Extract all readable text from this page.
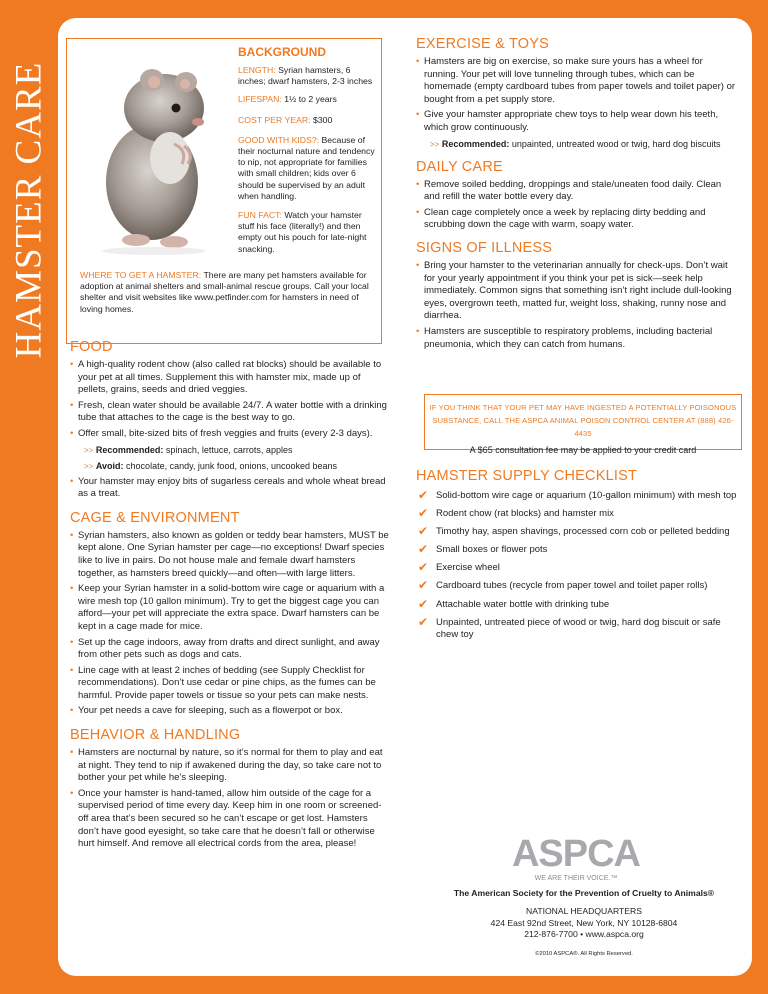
HAMSTER CARE
BACKGROUND
LENGTH: Syrian hamsters, 6 inches; dwarf hamsters, 2-3 inches
LIFESPAN: 1½ to 2 years
COST PER YEAR: $300
GOOD WITH KIDS?: Because of their nocturnal nature and tendency to nip, not appropriate for families with small children; kids over 6 should be supervised by an adult when handling.
FUN FACT: Watch your hamster stuff his face (literally!) and then empty out his pouch for late-night snacking.
WHERE TO GET A HAMSTER: There are many pet hamsters available for adoption at animal shelters and small-animal rescue groups. Call your local shelter and visit websites like www.petfinder.com for hamsters in need of loving homes.
FOOD
• A high-quality rodent chow (also called rat blocks) should be available to your pet at all times. Supplement this with hamster mix, made up of pellets, grains, seeds and dried veggies.
• Fresh, clean water should be available 24/7. A water bottle with a drinking tube that attaches to the cage is the best way to go.
• Offer small, bite-sized bits of fresh veggies and fruits (every 2-3 days).
>> Recommended: spinach, lettuce, carrots, apples
>> Avoid: chocolate, candy, junk food, onions, uncooked beans
• Your hamster may enjoy bits of sugarless cereals and whole wheat bread as a treat.
CAGE & ENVIRONMENT
• Syrian hamsters, also known as golden or teddy bear hamsters, MUST be kept alone. One Syrian hamster per cage—no exceptions! Dwarf species like to live in pairs. Do not house male and female dwarf hamsters together, as hamsters breed quickly—and often—with large litters.
• Keep your Syrian hamster in a solid-bottom wire cage or aquarium with a wire mesh top (10 gallon minimum). Try to get the biggest cage you can afford—your pet will appreciate the extra space. Dwarf hamsters can be kept in a cage made for mice.
• Set up the cage indoors, away from drafts and direct sunlight, and away from other pets such as dogs and cats.
• Line cage with at least 2 inches of bedding (see Supply Checklist for recommendations). Don’t use cedar or pine chips, as the fumes can be harmful. Provide paper towels or tissue so your pets can make nests.
• Your pet needs a cave for sleeping, such as a flowerpot or box.
BEHAVIOR & HANDLING
• Hamsters are nocturnal by nature, so it’s normal for them to play and eat at night. They tend to nip if awakened during the day, so take care not to bother your pet while he’s sleeping.
• Once your hamster is hand-tamed, allow him outside of the cage for a supervised period of time every day. Keep him in one room or screened-off area that’s been secured so he can’t escape or get lost. Hamsters don’t have good eyesight, so take care that he doesn’t fall or otherwise hurt himself. And remove all electrical cords from the area, please!
EXERCISE & TOYS
• Hamsters are big on exercise, so make sure yours has a wheel for running. Your pet will love tunneling through tubes, which can be homemade (empty cardboard tubes from paper towels and toilet paper) or bought from a pet supply store.
• Give your hamster appropriate chew toys to help wear down his teeth, which grow continuously.
>> Recommended: unpainted, untreated wood or twig, hard dog biscuits
DAILY CARE
• Remove soiled bedding, droppings and stale/uneaten food daily. Clean and refill the water bottle every day.
• Clean cage completely once a week by replacing dirty bedding and scrubbing down the cage with warm, soapy water.
SIGNS OF ILLNESS
• Bring your hamster to the veterinarian annually for check-ups. Don’t wait for your yearly appointment if you think your pet is sick—seek help immediately. Common signs that something isn’t right include dull-looking eyes, overgrown teeth, matted fur, weight loss, shaking, runny nose and diarrhea.
• Hamsters are susceptible to respiratory problems, including bacterial pneumonia, which they can catch from humans.
IF YOU THINK THAT YOUR PET MAY HAVE INGESTED A POTENTIALLY POISONOUS
SUBSTANCE, CALL THE ASPCA ANIMAL POISON CONTROL CENTER AT (888) 426-4435
A $65 consultation fee may be applied to your credit card
HAMSTER SUPPLY CHECKLIST
✔ Solid-bottom wire cage or aquarium (10-gallon minimum) with mesh top
✔ Rodent chow (rat blocks) and hamster mix
✔ Timothy hay, aspen shavings, processed corn cob or pelleted bedding
✔ Small boxes or flower pots
✔ Exercise wheel
✔ Cardboard tubes (recycle from paper towel and toilet paper rolls)
✔ Attachable water bottle with drinking tube
✔ Unpainted, untreated piece of wood or twig, hard dog biscuit or safe chew toy
ASPCA
WE ARE THEIR VOICE.™
The American Society for the Prevention of Cruelty to Animals®
NATIONAL HEADQUARTERS
424 East 92nd Street, New York, NY 10128-6804
212-876-7700 • www.aspca.org
©2010 ASPCA®. All Rights Reserved.
